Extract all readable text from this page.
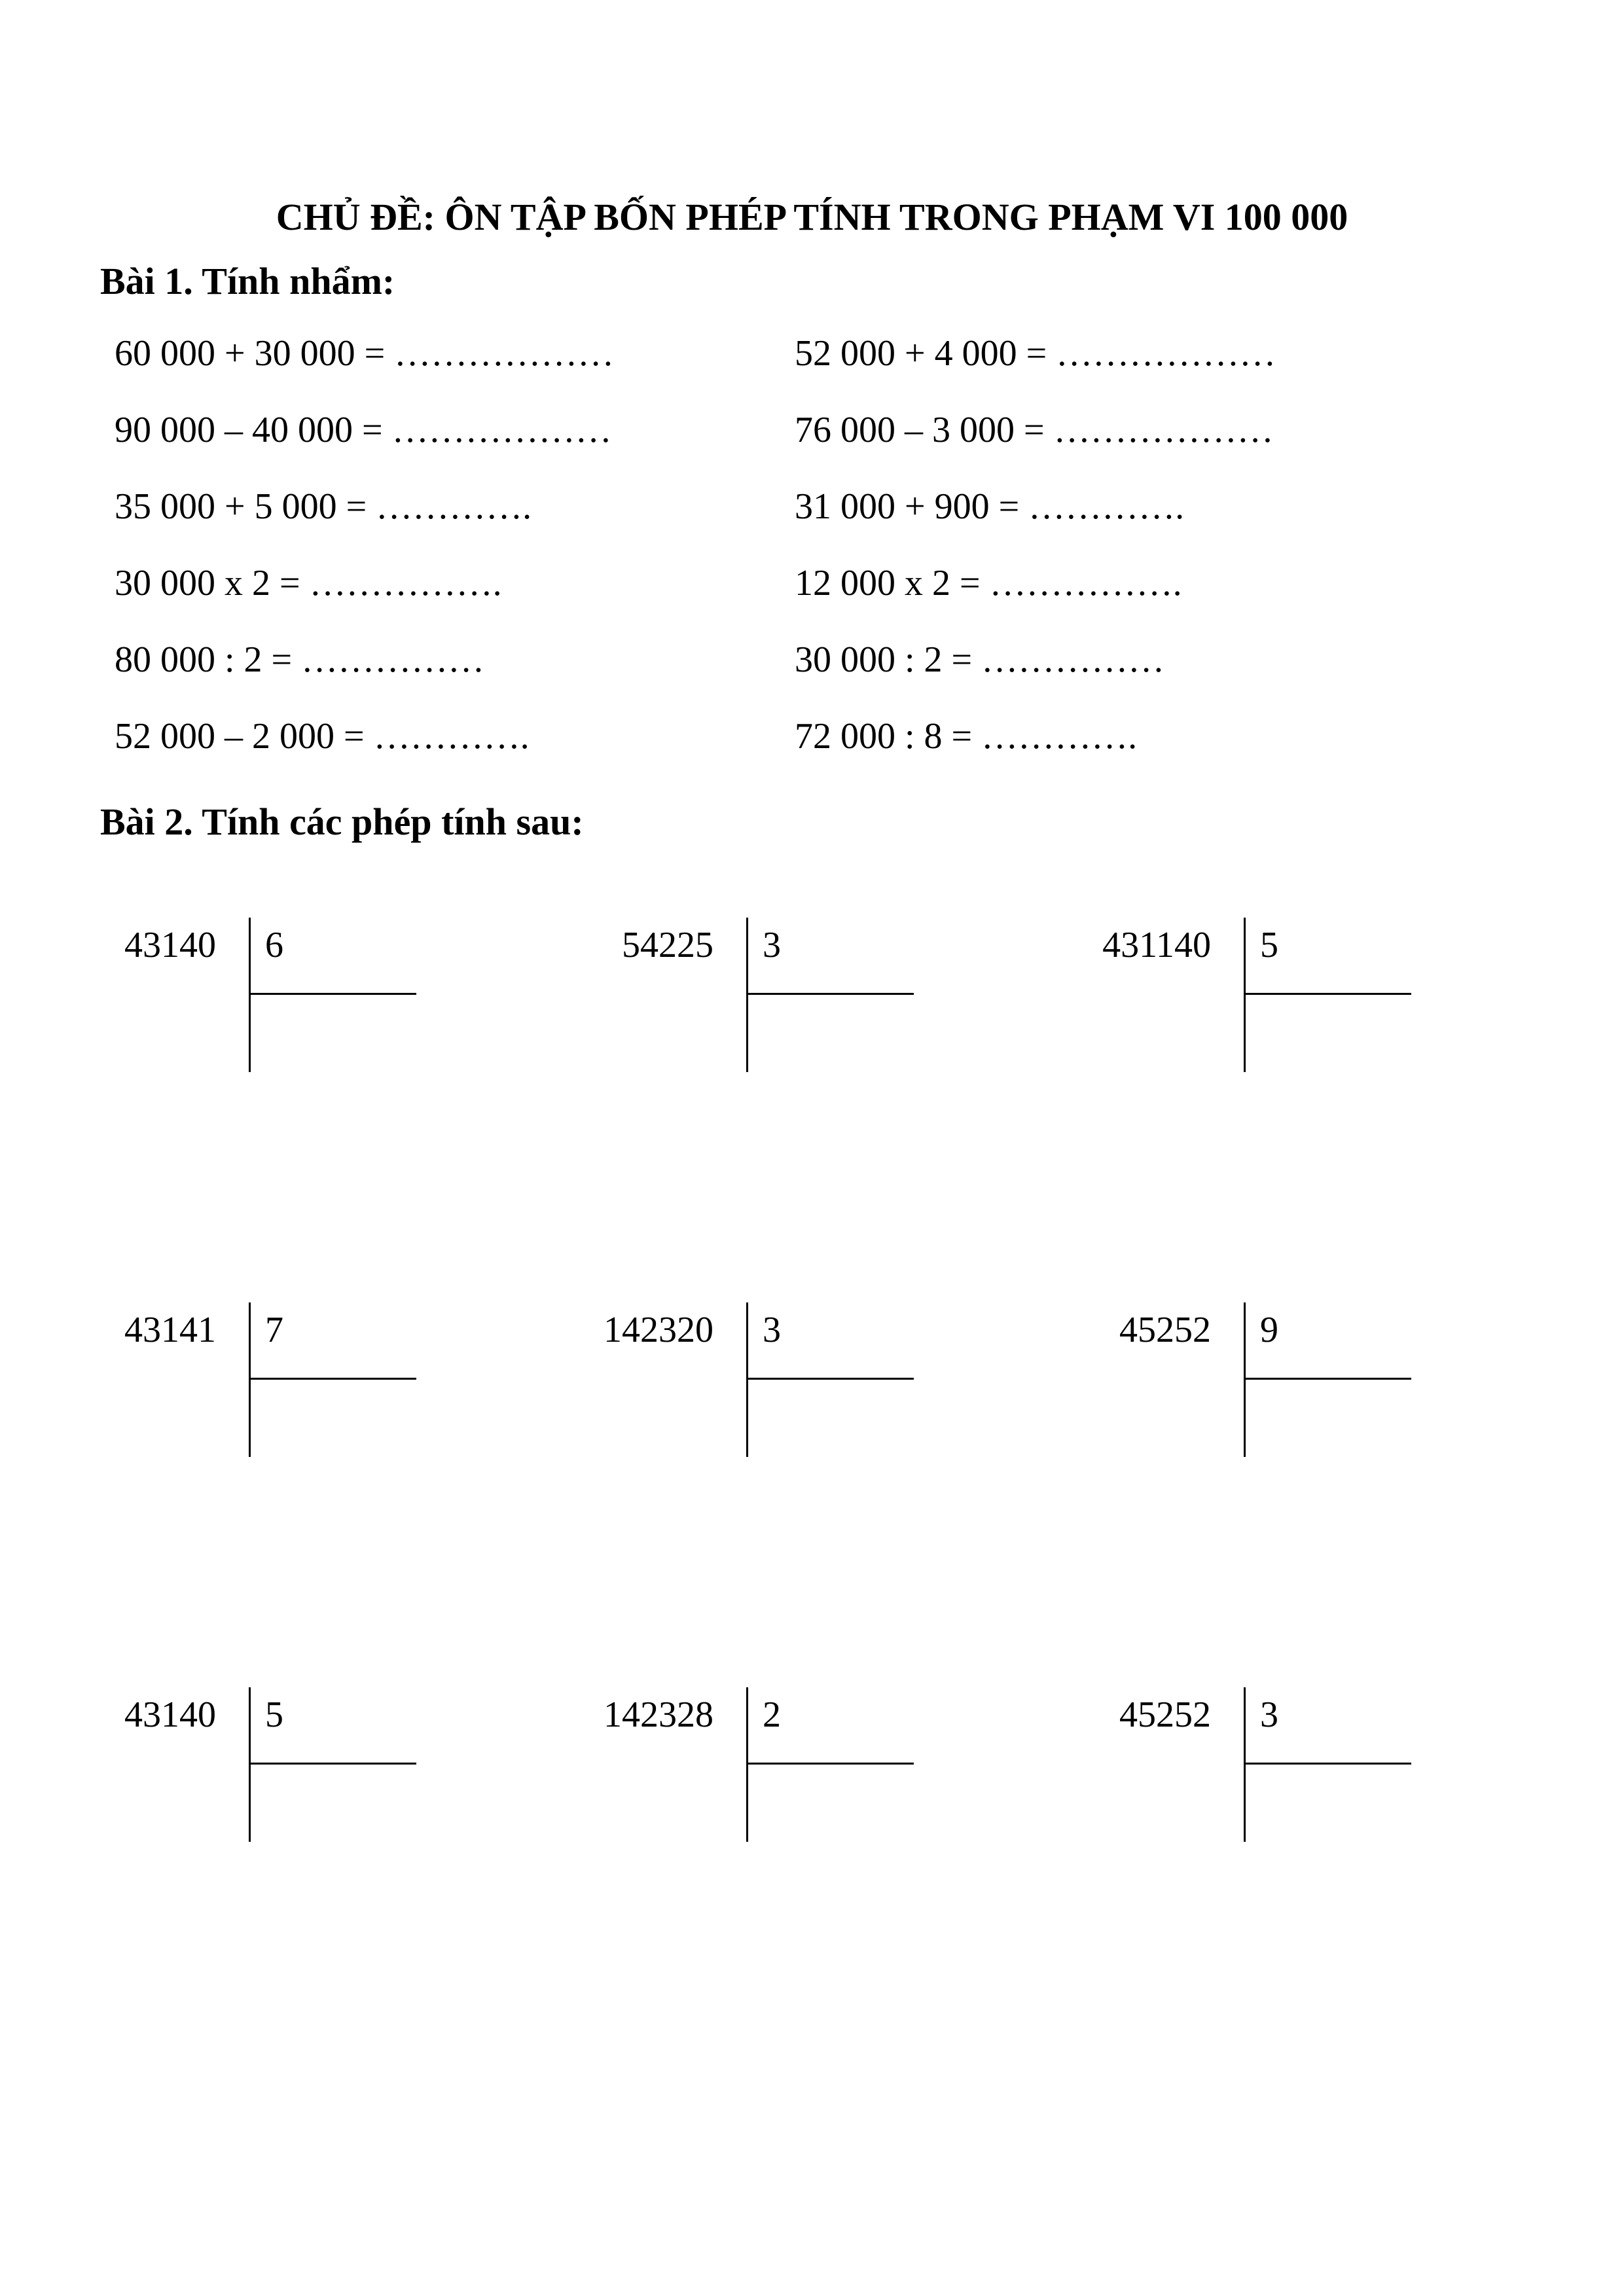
CHỦ ĐỀ: ÔN TẬP BỐN PHÉP TÍNH TRONG PHẠM VI 100 000
Bài 1. Tính nhẩm:
60 000 + 30 000 = ………………	52 000 + 4 000 = ………………
90 000 – 40 000 = ………………	76 000 – 3 000 = ………………
35 000 + 5 000 = ………….	31 000 + 900 = ………….
30 000 x 2 = …………….	12 000 x 2 = …………….
80 000 : 2 = ……………	30 000 : 2 = ……………
52 000 – 2 000 = ………….	72 000 : 8 = ………….
Bài 2. Tính các phép tính sau:
43140 6	54225 3	431140 5
43141 7	142320 3	45252 9
43140 5	142328 2	45252 3
